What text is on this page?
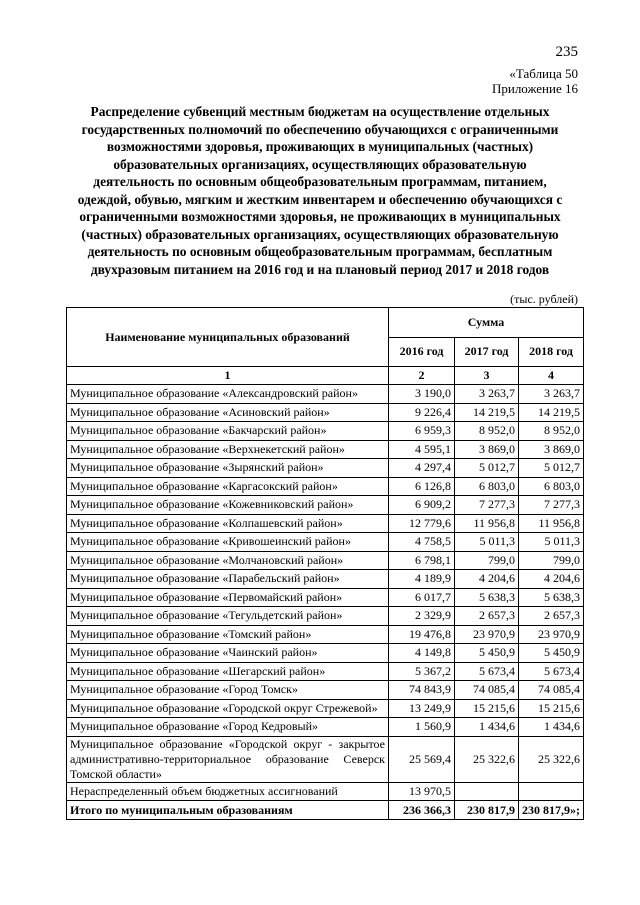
235
«Таблица 50
Приложение 16
Распределение субвенций местным бюджетам на осуществление отдельных государственных полномочий по обеспечению обучающихся с ограниченными возможностями здоровья, проживающих в муниципальных (частных) образовательных организациях, осуществляющих образовательную деятельность по основным общеобразовательным программам, питанием, одеждой, обувью, мягким и жестким инвентарем и обеспечению обучающихся с ограниченными возможностями здоровья, не проживающих в муниципальных (частных) образовательных организациях, осуществляющих образовательную деятельность по основным общеобразовательным программам, бесплатным двухразовым питанием на 2016 год и на плановый период 2017 и 2018 годов
(тыс. рублей)
Наименование муниципальных образований	Сумма		
	2016 год	2017 год	2018 год
1	2	3	4
Муниципальное образование «Александровский район»	3 190,0	3 263,7	3 263,7
Муниципальное образование «Асиновский район»	9 226,4	14 219,5	14 219,5
Муниципальное образование «Бакчарский район»	6 959,3	8 952,0	8 952,0
Муниципальное образование «Верхнекетский район»	4 595,1	3 869,0	3 869,0
Муниципальное образование «Зырянский район»	4 297,4	5 012,7	5 012,7
Муниципальное образование «Каргасокский район»	6 126,8	6 803,0	6 803,0
Муниципальное образование «Кожевниковский район»	6 909,2	7 277,3	7 277,3
Муниципальное образование «Колпашевский район»	12 779,6	11 956,8	11 956,8
Муниципальное образование «Кривошеинский район»	4 758,5	5 011,3	5 011,3
Муниципальное образование «Молчановский район»	6 798,1	799,0	799,0
Муниципальное образование «Парабельский район»	4 189,9	4 204,6	4 204,6
Муниципальное образование «Первомайский район»	6 017,7	5 638,3	5 638,3
Муниципальное образование «Тегульдетский район»	2 329,9	2 657,3	2 657,3
Муниципальное образование «Томский район»	19 476,8	23 970,9	23 970,9
Муниципальное образование «Чаинский район»	4 149,8	5 450,9	5 450,9
Муниципальное образование «Шегарский район»	5 367,2	5 673,4	5 673,4
Муниципальное образование «Город Томск»	74 843,9	74 085,4	74 085,4
Муниципальное образование «Городской округ Стрежевой»	13 249,9	15 215,6	15 215,6
Муниципальное образование «Город Кедровый»	1 560,9	1 434,6	1 434,6
Муниципальное образование «Городской округ - закрытое административно-территориальное образование Северск Томской области»	25 569,4	25 322,6	25 322,6
Нераспределенный объем бюджетных ассигнований	13 970,5		
Итого по муниципальным образованиям	236 366,3	230 817,9	230 817,9»;
